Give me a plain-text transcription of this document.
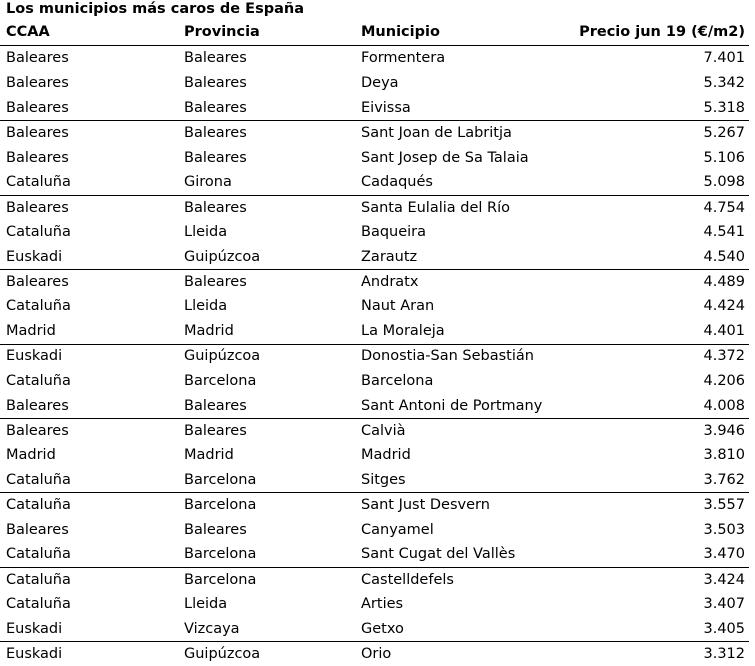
Los municipios más caros de España
CCAA	Provincia	Municipio	Precio jun 19 (€/m2)
Baleares	Baleares	Formentera	7.401
Baleares	Baleares	Deya	5.342
Baleares	Baleares	Eivissa	5.318
Baleares	Baleares	Sant Joan de Labritja	5.267
Baleares	Baleares	Sant Josep de Sa Talaia	5.106
Cataluña	Girona	Cadaqués	5.098
Baleares	Baleares	Santa Eulalia del Río	4.754
Cataluña	Lleida	Baqueira	4.541
Euskadi	Guipúzcoa	Zarautz	4.540
Baleares	Baleares	Andratx	4.489
Cataluña	Lleida	Naut Aran	4.424
Madrid	Madrid	La Moraleja	4.401
Euskadi	Guipúzcoa	Donostia-San Sebastián	4.372
Cataluña	Barcelona	Barcelona	4.206
Baleares	Baleares	Sant Antoni de Portmany	4.008
Baleares	Baleares	Calvià	3.946
Madrid	Madrid	Madrid	3.810
Cataluña	Barcelona	Sitges	3.762
Cataluña	Barcelona	Sant Just Desvern	3.557
Baleares	Baleares	Canyamel	3.503
Cataluña	Barcelona	Sant Cugat del Vallès	3.470
Cataluña	Barcelona	Castelldefels	3.424
Cataluña	Lleida	Arties	3.407
Euskadi	Vizcaya	Getxo	3.405
Euskadi	Guipúzcoa	Orio	3.312
